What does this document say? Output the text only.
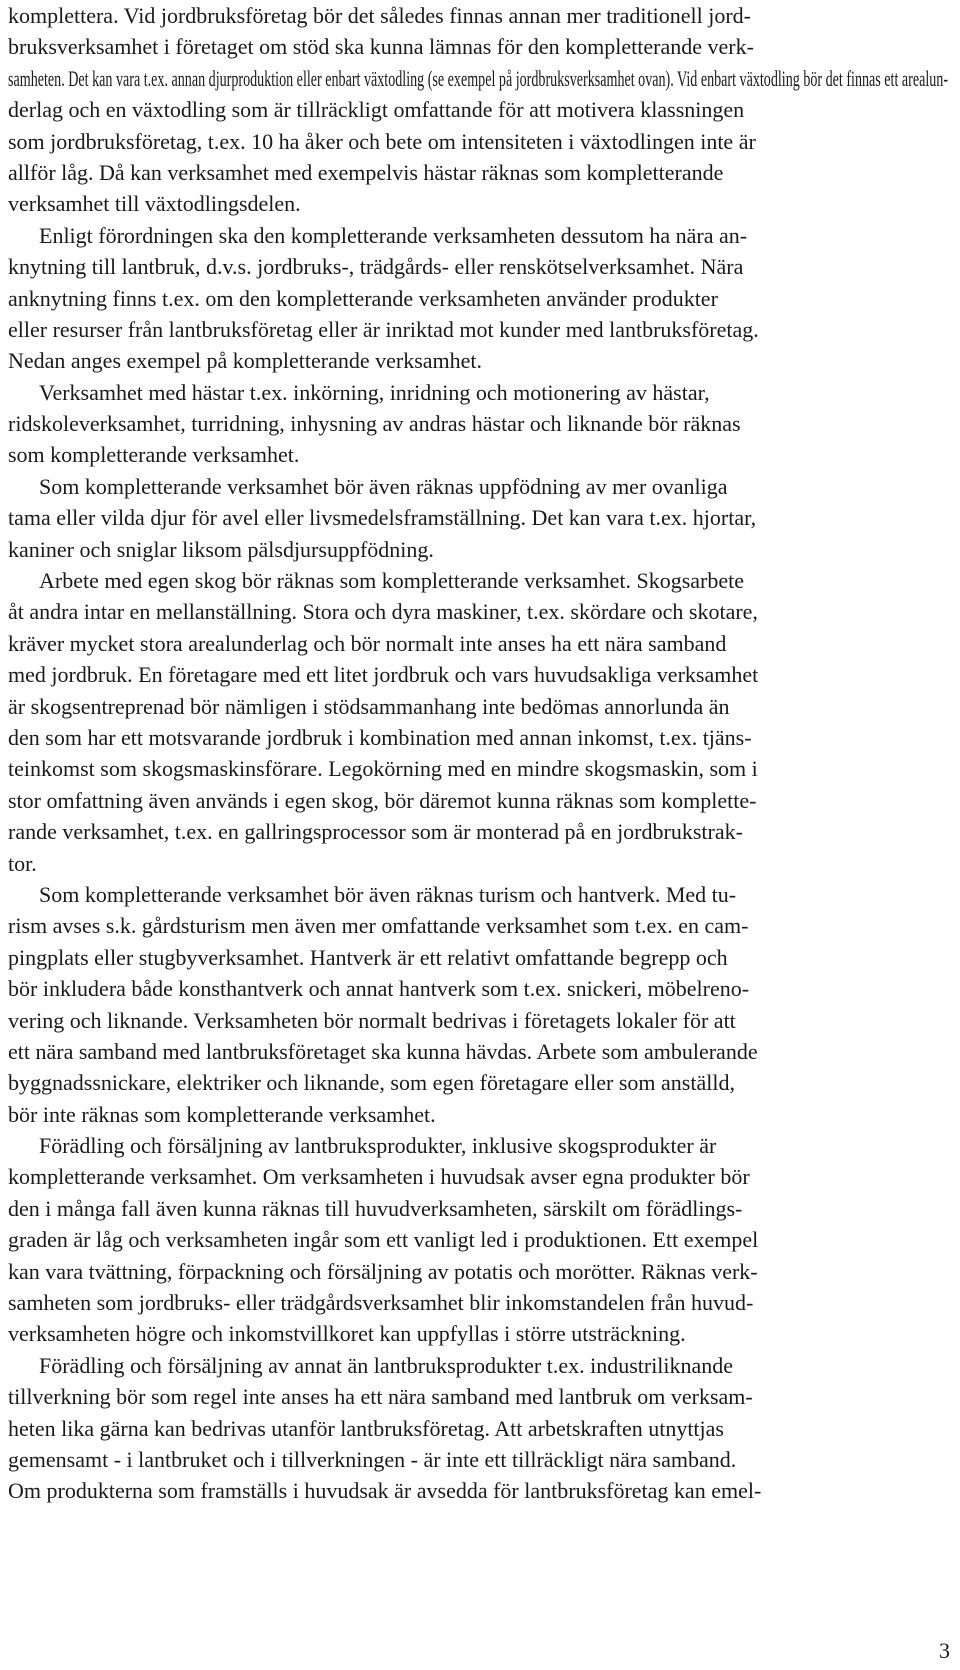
komplettera. Vid jordbruksföretag bör det således finnas annan mer traditionell jord-
bruksverksamhet i företaget om stöd ska kunna lämnas för den kompletterande verk-
samheten. Det kan vara t.ex. annan djurproduktion eller enbart växtodling (se exempel på jordbruksverksamhet ovan). Vid enbart växtodling bör det finnas ett arealun-
derlag och en växtodling som är tillräckligt omfattande för att motivera klassningen
som jordbruksföretag, t.ex. 10 ha åker och bete om intensiteten i växtodlingen inte är
allför låg. Då kan verksamhet med exempelvis hästar räknas som kompletterande
verksamhet till växtodlingsdelen.
Enligt förordningen ska den kompletterande verksamheten dessutom ha nära an-
knytning till lantbruk, d.v.s. jordbruks-, trädgårds- eller renskötselverksamhet. Nära
anknytning finns t.ex. om den kompletterande verksamheten använder produkter
eller resurser från lantbruksföretag eller är inriktad mot kunder med lantbruksföretag.
Nedan anges exempel på kompletterande verksamhet.
Verksamhet med hästar t.ex. inkörning, inridning och motionering av hästar,
ridskoleverksamhet, turridning, inhysning av andras hästar och liknande bör räknas
som kompletterande verksamhet.
Som kompletterande verksamhet bör även räknas uppfödning av mer ovanliga
tama eller vilda djur för avel eller livsmedelsframställning. Det kan vara t.ex. hjortar,
kaniner och sniglar liksom pälsdjursuppfödning.
Arbete med egen skog bör räknas som kompletterande verksamhet. Skogsarbete
åt andra intar en mellanställning. Stora och dyra maskiner, t.ex. skördare och skotare,
kräver mycket stora arealunderlag och bör normalt inte anses ha ett nära samband
med jordbruk. En företagare med ett litet jordbruk och vars huvudsakliga verksamhet
är skogsentreprenad bör nämligen i stödsammanhang inte bedömas annorlunda än
den som har ett motsvarande jordbruk i kombination med annan inkomst, t.ex. tjäns-
teinkomst som skogsmaskinsförare. Legokörning med en mindre skogsmaskin, som i
stor omfattning även används i egen skog, bör däremot kunna räknas som komplette-
rande verksamhet, t.ex. en gallringsprocessor som är monterad på en jordbrukstrak-
tor.
Som kompletterande verksamhet bör även räknas turism och hantverk. Med tu-
rism avses s.k. gårdsturism men även mer omfattande verksamhet som t.ex. en cam-
pingplats eller stugbyverksamhet. Hantverk är ett relativt omfattande begrepp och
bör inkludera både konsthantverk och annat hantverk som t.ex. snickeri, möbelreno-
vering och liknande. Verksamheten bör normalt bedrivas i företagets lokaler för att
ett nära samband med lantbruksföretaget ska kunna hävdas. Arbete som ambulerande
byggnadssnickare, elektriker och liknande, som egen företagare eller som anställd,
bör inte räknas som kompletterande verksamhet.
Förädling och försäljning av lantbruksprodukter, inklusive skogsprodukter är
kompletterande verksamhet. Om verksamheten i huvudsak avser egna produkter bör
den i många fall även kunna räknas till huvudverksamheten, särskilt om förädlings-
graden är låg och verksamheten ingår som ett vanligt led i produktionen. Ett exempel
kan vara tvättning, förpackning och försäljning av potatis och morötter. Räknas verk-
samheten som jordbruks- eller trädgårdsverksamhet blir inkomstandelen från huvud-
verksamheten högre och inkomstvillkoret kan uppfyllas i större utsträckning.
Förädling och försäljning av annat än lantbruksprodukter t.ex. industriliknande
tillverkning bör som regel inte anses ha ett nära samband med lantbruk om verksam-
heten lika gärna kan bedrivas utanför lantbruksföretag. Att arbetskraften utnyttjas
gemensamt - i lantbruket och i tillverkningen - är inte ett tillräckligt nära samband.
Om produkterna som framställs i huvudsak är avsedda för lantbruksföretag kan emel-
3
